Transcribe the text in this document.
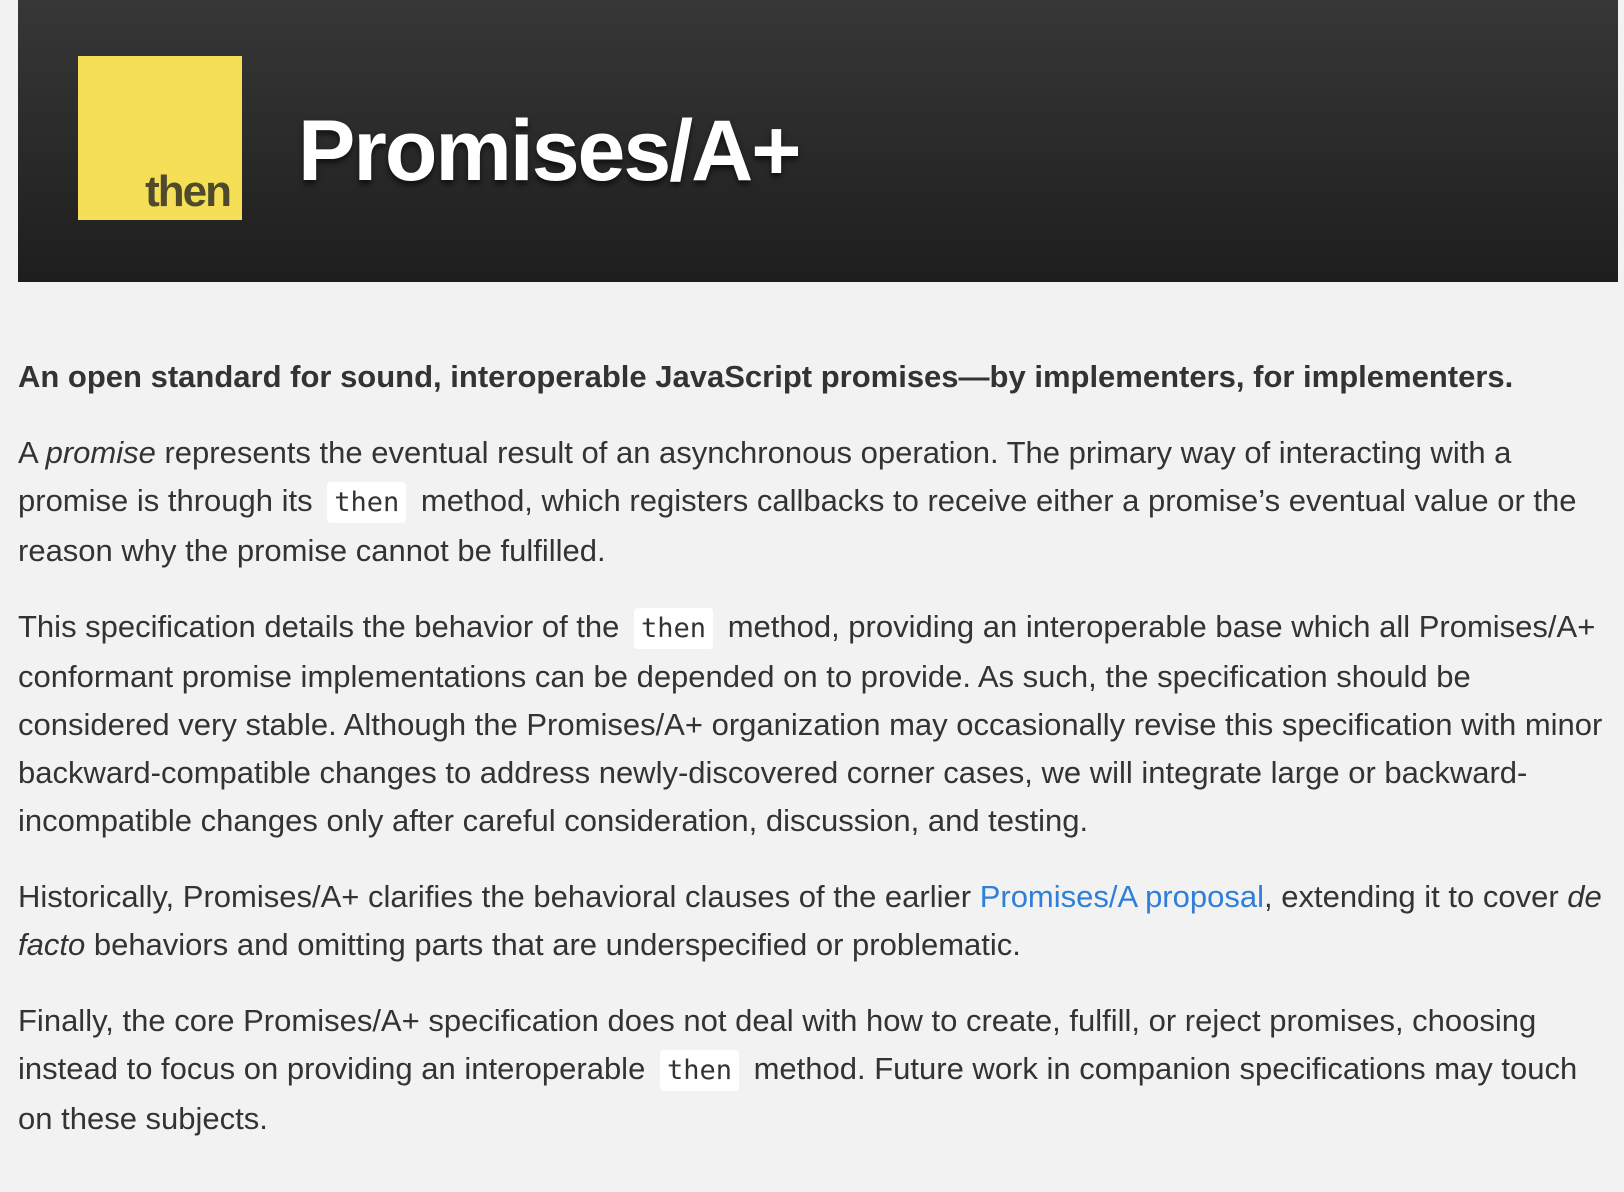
then Promises/A+

An open standard for sound, interoperable JavaScript promises—by implementers, for implementers.

A promise represents the eventual result of an asynchronous operation. The primary way of interacting with a promise is through its then method, which registers callbacks to receive either a promise’s eventual value or the reason why the promise cannot be fulfilled.

This specification details the behavior of the then method, providing an interoperable base which all Promises/A+ conformant promise implementations can be depended on to provide. As such, the specification should be considered very stable. Although the Promises/A+ organization may occasionally revise this specification with minor backward-compatible changes to address newly-discovered corner cases, we will integrate large or backward-incompatible changes only after careful consideration, discussion, and testing.

Historically, Promises/A+ clarifies the behavioral clauses of the earlier Promises/A proposal, extending it to cover de facto behaviors and omitting parts that are underspecified or problematic.

Finally, the core Promises/A+ specification does not deal with how to create, fulfill, or reject promises, choosing instead to focus on providing an interoperable then method. Future work in companion specifications may touch on these subjects.
